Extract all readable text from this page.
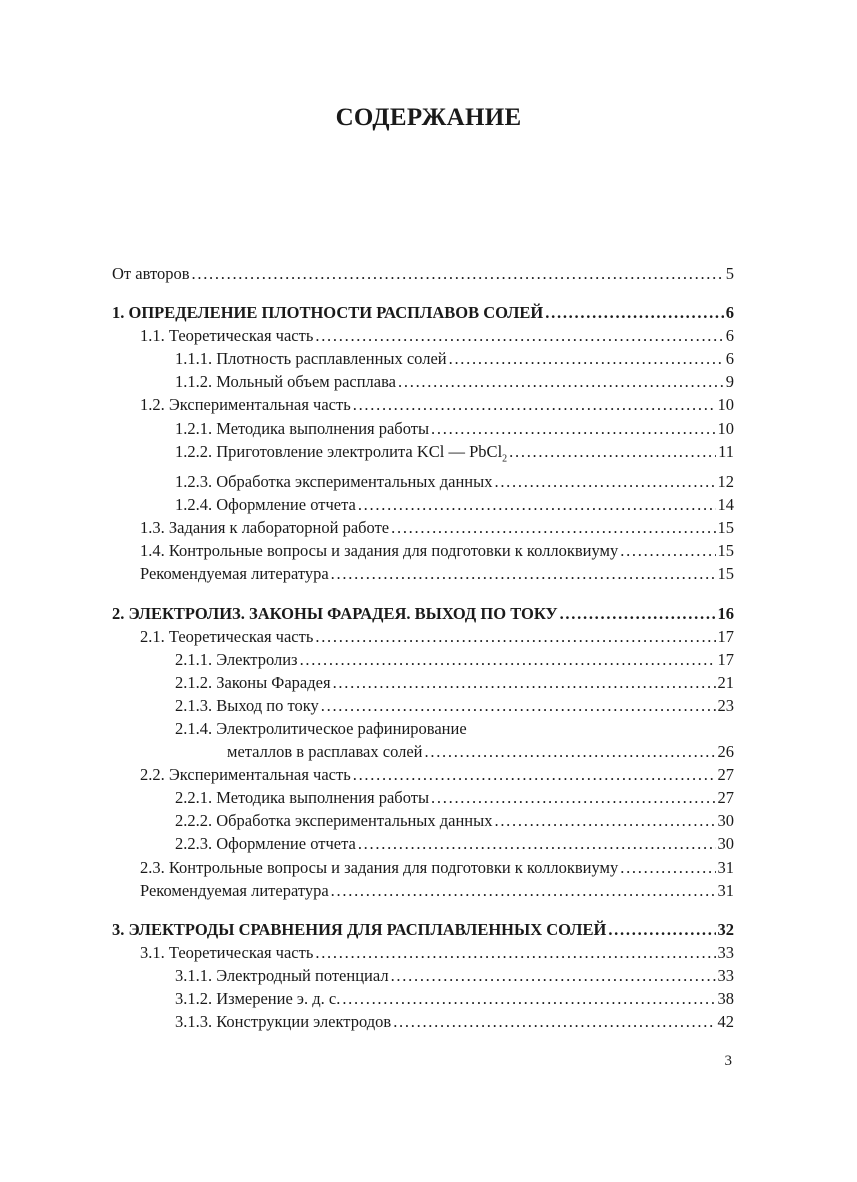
СОДЕРЖАНИЕ
От авторов . . .	5
1. ОПРЕДЕЛЕНИЕ ПЛОТНОСТИ РАСПЛАВОВ СОЛЕЙ . . .	6
1.1. Теоретическая часть . . .	6
1.1.1. Плотность расплавленных солей . . .	6
1.1.2. Мольный объем расплава . . .	9
1.2. Экспериментальная часть . . .	10
1.2.1. Методика выполнения работы . . .	10
1.2.2. Приготовление электролита KCl — PbCl$_2$ . . .	11
1.2.3. Обработка экспериментальных данных . . .	12
1.2.4. Оформление отчета . . .	14
1.3. Задания к лабораторной работе . . .	15
1.4. Контрольные вопросы и задания для подготовки к коллоквиуму . . .	15
Рекомендуемая литература . . .	15
2. ЭЛЕКТРОЛИЗ. ЗАКОНЫ ФАРАДЕЯ. ВЫХОД ПО ТОКУ . . .	16
2.1. Теоретическая часть . . .	17
2.1.1. Электролиз . . .	17
2.1.2. Законы Фарадея . . .	21
2.1.3. Выход по току . . .	23
2.1.4. Электролитическое рафинирование
металлов в расплавах солей . . .	26
2.2. Экспериментальная часть . . .	27
2.2.1. Методика выполнения работы . . .	27
2.2.2. Обработка экспериментальных данных . . .	30
2.2.3. Оформление отчета . . .	30
2.3. Контрольные вопросы и задания для подготовки к коллоквиуму . . .	31
Рекомендуемая литература . . .	31
3. ЭЛЕКТРОДЫ СРАВНЕНИЯ ДЛЯ РАСПЛАВЛЕННЫХ СОЛЕЙ . . .	32
3.1. Теоретическая часть . . .	33
3.1.1. Электродный потенциал . . .	33
3.1.2. Измерение э. д. с. . . .	38
3.1.3. Конструкции электродов . . .	42
3
